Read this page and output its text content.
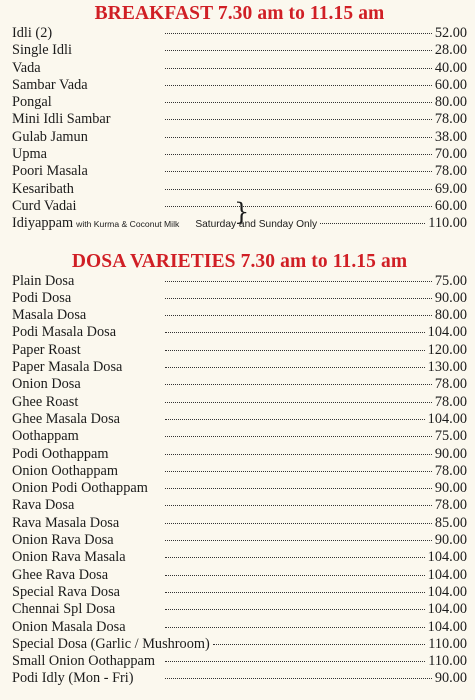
BREAKFAST 7.30 am to 11.15 am
Idli (2)	52.00
Single Idli	28.00
Vada	40.00
Sambar Vada	60.00
Pongal	80.00
Mini Idli Sambar	78.00
Gulab Jamun	38.00
Upma	70.00
Poori Masala	78.00
Kesaribath	69.00
Curd Vadai	60.00
Idiyappam with Kurma & Coconut Milk Saturday and Sunday Only	110.00
}
DOSA VARIETIES 7.30 am to 11.15 am
Plain Dosa	75.00
Podi Dosa	90.00
Masala Dosa	80.00
Podi Masala Dosa	104.00
Paper Roast	120.00
Paper Masala Dosa	130.00
Onion Dosa	78.00
Ghee Roast	78.00
Ghee Masala Dosa	104.00
Oothappam	75.00
Podi Oothappam	90.00
Onion Oothappam	78.00
Onion Podi Oothappam	90.00
Rava Dosa	78.00
Rava Masala Dosa	85.00
Onion Rava Dosa	90.00
Onion Rava Masala	104.00
Ghee Rava Dosa	104.00
Special Rava Dosa	104.00
Chennai Spl Dosa	104.00
Onion Masala Dosa	104.00
Special Dosa (Garlic / Mushroom)	110.00
Small Onion Oothappam	110.00
Podi Idly (Mon - Fri)	90.00
